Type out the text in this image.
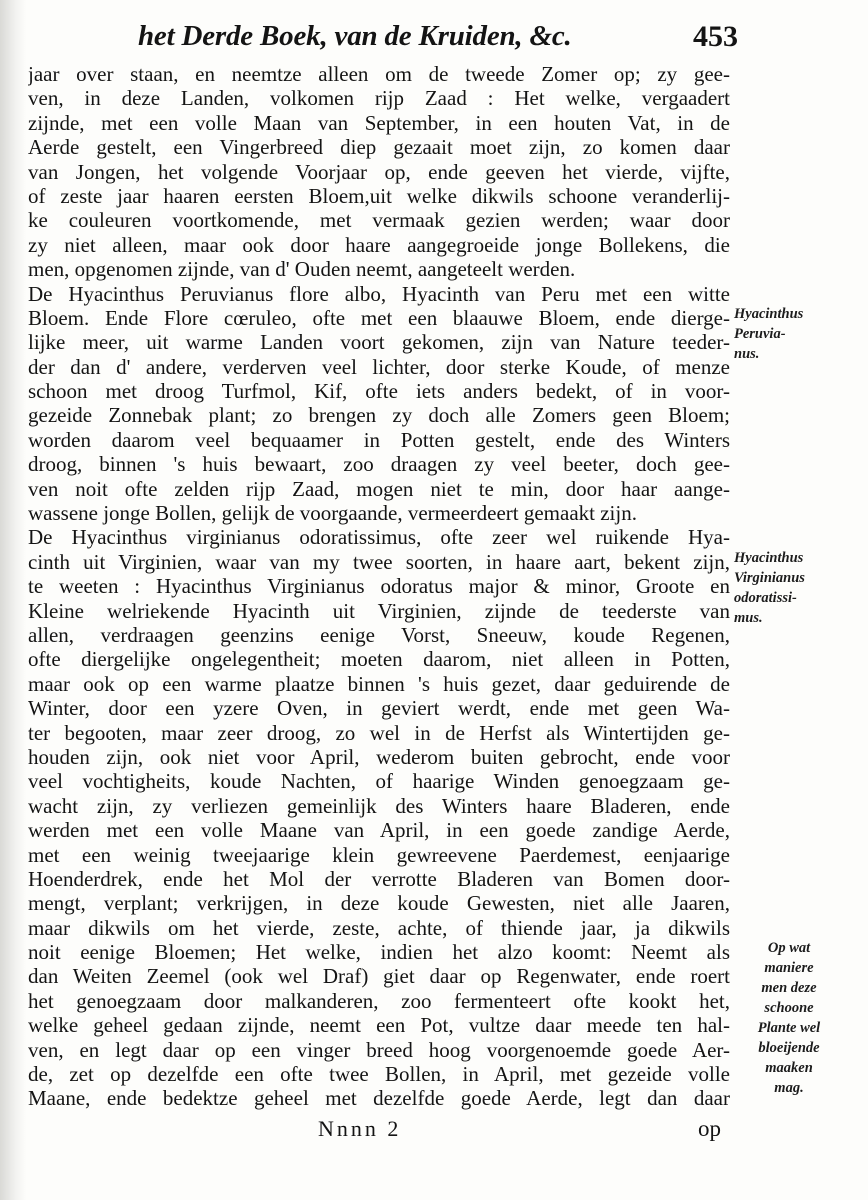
het Derde Boek, van de Kruiden, &c.	453
jaar over staan, en neemtze alleen om de tweede Zomer op; zy gee-
ven, in deze Landen, volkomen rijp Zaad : Het welke, vergaadert
zijnde, met een volle Maan van September, in een houten Vat, in de
Aerde gestelt, een Vingerbreed diep gezaait moet zijn, zo komen daar
van Jongen, het volgende Voorjaar op, ende geeven het vierde, vijfte,
of zeste jaar haaren eersten Bloem,uit welke dikwils schoone veranderlij-
ke couleuren voortkomende, met vermaak gezien werden; waar door
zy niet alleen, maar ook door haare aangegroeide jonge Bollekens, die
men, opgenomen zijnde, van d' Ouden neemt, aangeteelt werden.
De Hyacinthus Peruvianus flore albo, Hyacinth van Peru met een witte
Bloem. Ende Flore cœruleo, ofte met een blaauwe Bloem, ende dierge-
lijke meer, uit warme Landen voort gekomen, zijn van Nature teeder-
der dan d' andere, verderven veel lichter, door sterke Koude, of menze
schoon met droog Turfmol, Kif, ofte iets anders bedekt, of in voor-
gezeide Zonnebak plant; zo brengen zy doch alle Zomers geen Bloem;
worden daarom veel bequaamer in Potten gestelt, ende des Winters
droog, binnen 's huis bewaart, zoo draagen zy veel beeter, doch gee-
ven noit ofte zelden rijp Zaad, mogen niet te min, door haar aange-
wassene jonge Bollen, gelijk de voorgaande, vermeerdeert gemaakt zijn.
De Hyacinthus virginianus odoratissimus, ofte zeer wel ruikende Hya-
cinth uit Virginien, waar van my twee soorten, in haare aart, bekent zijn,
te weeten : Hyacinthus Virginianus odoratus major & minor, Groote en
Kleine welriekende Hyacinth uit Virginien, zijnde de teederste van
allen, verdraagen geenzins eenige Vorst, Sneeuw, koude Regenen,
ofte diergelijke ongelegentheit; moeten daarom, niet alleen in Potten,
maar ook op een warme plaatze binnen 's huis gezet, daar geduirende de
Winter, door een yzere Oven, in geviert werdt, ende met geen Wa-
ter begooten, maar zeer droog, zo wel in de Herfst als Wintertijden ge-
houden zijn, ook niet voor April, wederom buiten gebrocht, ende voor
veel vochtigheits, koude Nachten, of haarige Winden genoegzaam ge-
wacht zijn, zy verliezen gemeinlijk des Winters haare Bladeren, ende
werden met een volle Maane van April, in een goede zandige Aerde,
met een weinig tweejaarige klein gewreevene Paerdemest, eenjaarige
Hoenderdrek, ende het Mol der verrotte Bladeren van Bomen door-
mengt, verplant; verkrijgen, in deze koude Gewesten, niet alle Jaaren,
maar dikwils om het vierde, zeste, achte, of thiende jaar, ja dikwils
noit eenige Bloemen; Het welke, indien het alzo koomt: Neemt als
dan Weiten Zeemel (ook wel Draf) giet daar op Regenwater, ende roert
het genoegzaam door malkanderen, zoo fermenteert ofte kookt het,
welke geheel gedaan zijnde, neemt een Pot, vultze daar meede ten hal-
ven, en legt daar op een vinger breed hoog voorgenoemde goede Aer-
de, zet op dezelfde een ofte twee Bollen, in April, met gezeide volle
Maane, ende bedektze geheel met dezelfde goede Aerde, legt dan daar
Hyacinthus
Peruvia-
nus.
Hyacinthus
Virginianus
odoratissi-
mus.
Op wat
maniere
men deze
schoone
Plante wel
bloeijende
maaken
mag.
Nnnn 2	op
